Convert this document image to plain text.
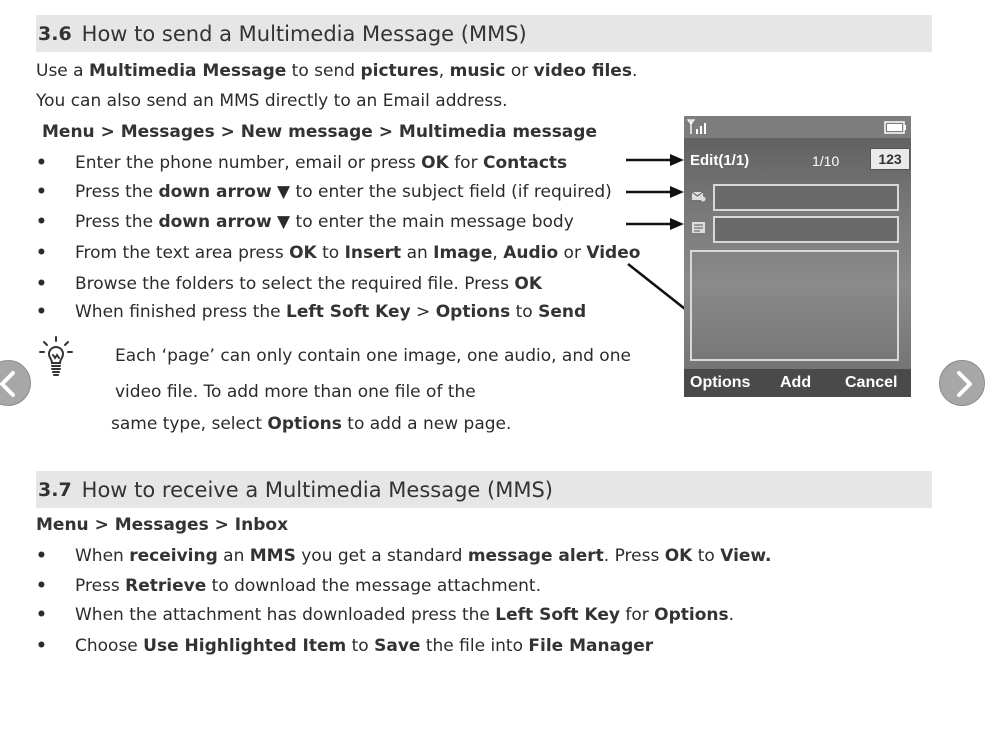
3.6 How to send a Multimedia Message (MMS)
Use a Multimedia Message to send pictures, music or video files.
You can also send an MMS directly to an Email address.
Menu > Messages > New message > Multimedia message
• Enter the phone number, email or press OK for Contacts
• Press the down arrow ▼ to enter the subject field (if required)
• Press the down arrow ▼ to enter the main message body
• From the text area press OK to Insert an Image, Audio or Video
• Browse the folders to select the required file. Press OK
• When finished press the Left Soft Key > Options to Send
Each ‘page’ can only contain one image, one audio, and one
video file. To add more than one file of the
same type, select Options to add a new page.
Edit(1/1)	1/10	123
Options Add Cancel
3.7 How to receive a Multimedia Message (MMS)
Menu > Messages > Inbox
• When receiving an MMS you get a standard message alert. Press OK to View.
• Press Retrieve to download the message attachment.
• When the attachment has downloaded press the Left Soft Key for Options.
• Choose Use Highlighted Item to Save the file into File Manager
